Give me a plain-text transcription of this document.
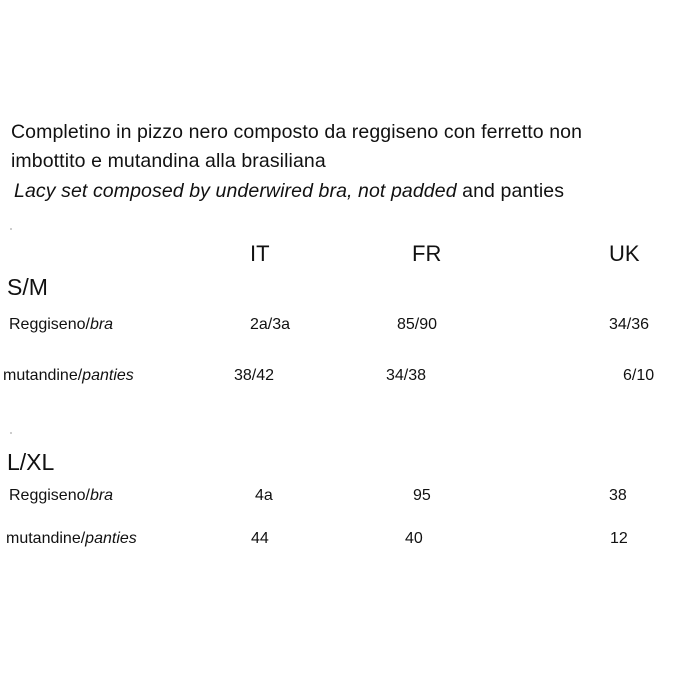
Completino in pizzo nero composto da reggiseno con ferretto non
imbottito e mutandina alla brasiliana
Lacy set composed by underwired bra, not padded and panties
IT	FR	UK
S/M
Reggiseno/bra	2a/3a	85/90	34/36
mutandine/panties	38/42	34/38	6/10
L/XL
Reggiseno/bra	4a	95	38
mutandine/panties	44	40	12
